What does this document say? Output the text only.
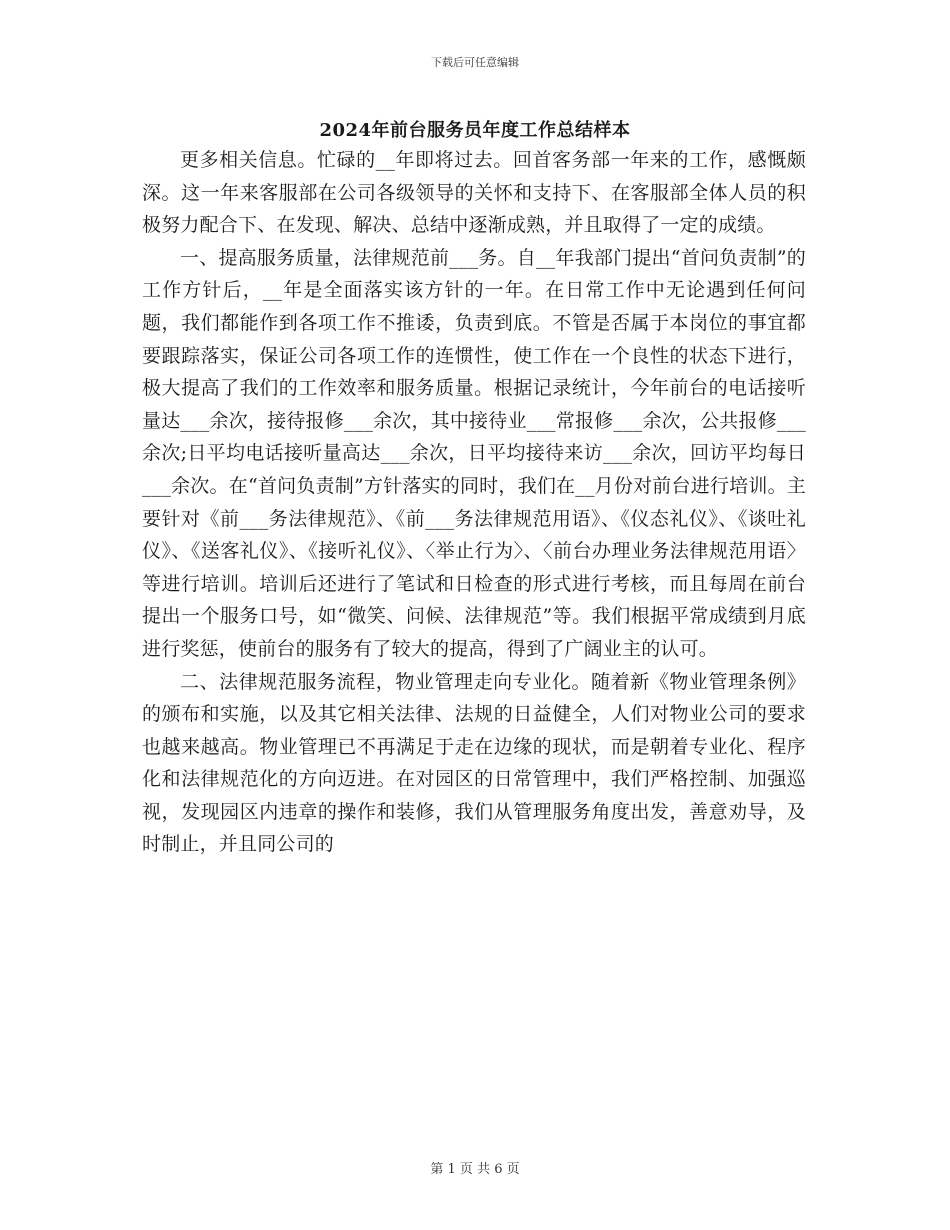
下载后可任意编辑
2024年前台服务员年度工作总结样本

更多相关信息。忙碌的__年即将过去。回首客务部一年来的工作，感慨颇深。这一年来客服部在公司各级领导的关怀和支持下、在客服部全体人员的积极努力配合下、在发现、解决、总结中逐渐成熟，并且取得了一定的成绩。

一、提高服务质量，法律规范前___务。自__年我部门提出“首问负责制”的工作方针后，__年是全面落实该方针的一年。在日常工作中无论遇到任何问题，我们都能作到各项工作不推诿，负责到底。不管是否属于本岗位的事宜都要跟踪落实，保证公司各项工作的连惯性，使工作在一个良性的状态下进行，极大提高了我们的工作效率和服务质量。根据记录统计，今年前台的电话接听量达___余次，接待报修___余次，其中接待业___常报修___余次，公共报修___余次;日平均电话接听量高达___余次，日平均接待来访___余次，回访平均每日___余次。在“首问负责制”方针落实的同时，我们在__月份对前台进行培训。主要针对《前___务法律规范》、《前___务法律规范用语》、《仪态礼仪》、《谈吐礼仪》、《送客礼仪》、《接听礼仪》、〈举止行为〉、〈前台办理业务法律规范用语〉等进行培训。培训后还进行了笔试和日检查的形式进行考核，而且每周在前台提出一个服务口号，如“微笑、问候、法律规范”等。我们根据平常成绩到月底进行奖惩，使前台的服务有了较大的提高，得到了广阔业主的认可。

二、法律规范服务流程，物业管理走向专业化。随着新《物业管理条例》的颁布和实施，以及其它相关法律、法规的日益健全，人们对物业公司的要求也越来越高。物业管理已不再满足于走在边缘的现状，而是朝着专业化、程序化和法律规范化的方向迈进。在对园区的日常管理中，我们严格控制、加强巡视，发现园区内违章的操作和装修，我们从管理服务角度出发，善意劝导，及时制止，并且同公司的

第 1 页 共 6 页
